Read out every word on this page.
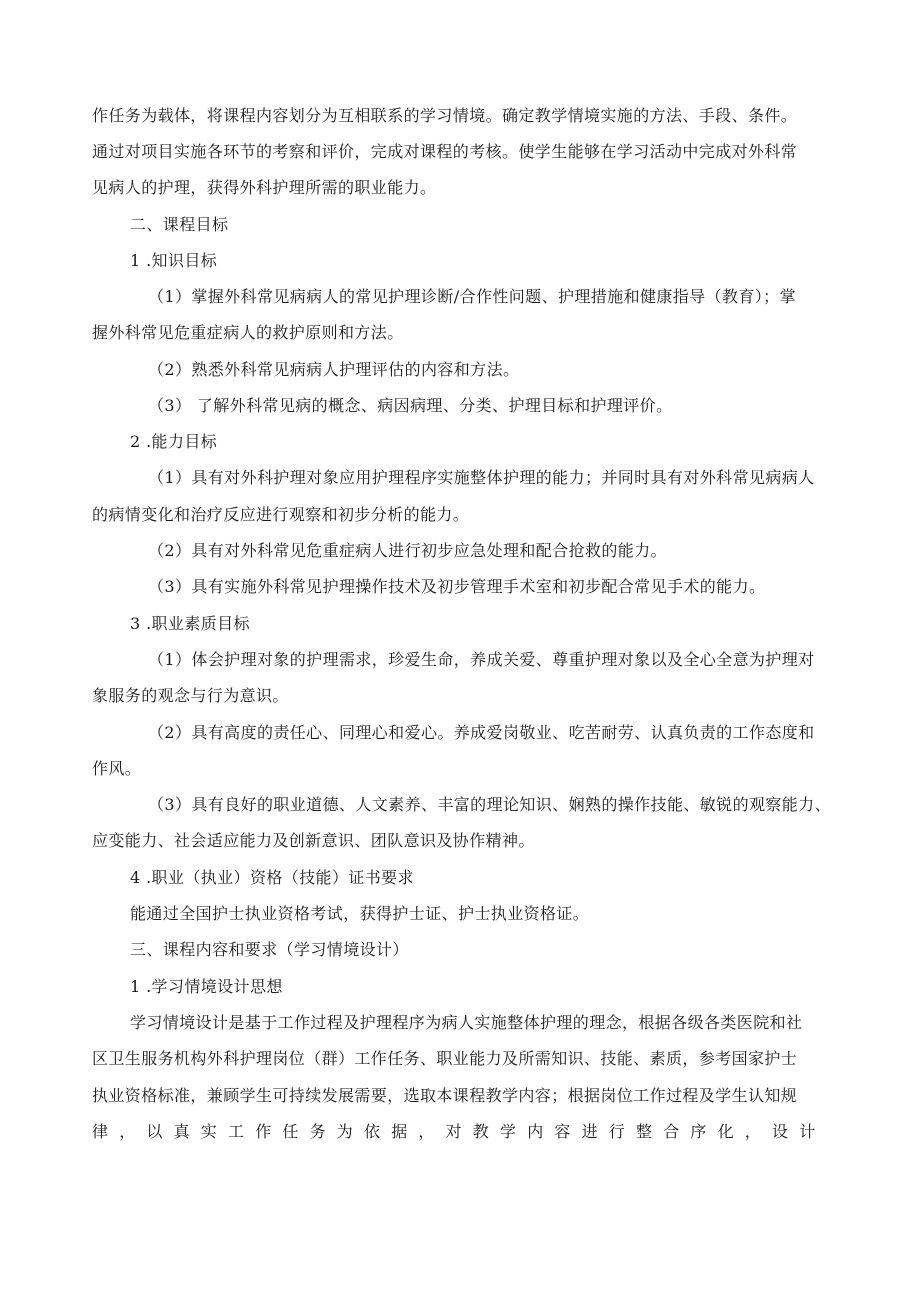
作任务为载体，将课程内容划分为互相联系的学习情境。确定教学情境实施的方法、手段、条件。
通过对项目实施各环节的考察和评价，完成对课程的考核。使学生能够在学习活动中完成对外科常
见病人的护理，获得外科护理所需的职业能力。
二、课程目标
1 .知识目标
（1）掌握外科常见病病人的常见护理诊断/合作性问题、护理措施和健康指导（教育）；掌
握外科常见危重症病人的救护原则和方法。
（2）熟悉外科常见病病人护理评估的内容和方法。
（3） 了解外科常见病的概念、病因病理、分类、护理目标和护理评价。
2 .能力目标
（1）具有对外科护理对象应用护理程序实施整体护理的能力；并同时具有对外科常见病病人
的病情变化和治疗反应进行观察和初步分析的能力。
（2）具有对外科常见危重症病人进行初步应急处理和配合抢救的能力。
（3）具有实施外科常见护理操作技术及初步管理手术室和初步配合常见手术的能力。
3 .职业素质目标
（1）体会护理对象的护理需求，珍爱生命，养成关爱、尊重护理对象以及全心全意为护理对
象服务的观念与行为意识。
（2）具有高度的责任心、同理心和爱心。养成爱岗敬业、吃苦耐劳、认真负责的工作态度和
作风。
（3）具有良好的职业道德、人文素养、丰富的理论知识、娴熟的操作技能、敏锐的观察能力、
应变能力、社会适应能力及创新意识、团队意识及协作精神。
4 .职业（执业）资格（技能）证书要求
能通过全国护士执业资格考试，获得护士证、护士执业资格证。
三、课程内容和要求（学习情境设计）
1 .学习情境设计思想
学习情境设计是基于工作过程及护理程序为病人实施整体护理的理念，根据各级各类医院和社
区卫生服务机构外科护理岗位（群）工作任务、职业能力及所需知识、技能、素质，参考国家护士
执业资格标准，兼顾学生可持续发展需要，选取本课程教学内容；根据岗位工作过程及学生认知规
律，以真实工作任务为依据，对教学内容进行整合序化，设计
